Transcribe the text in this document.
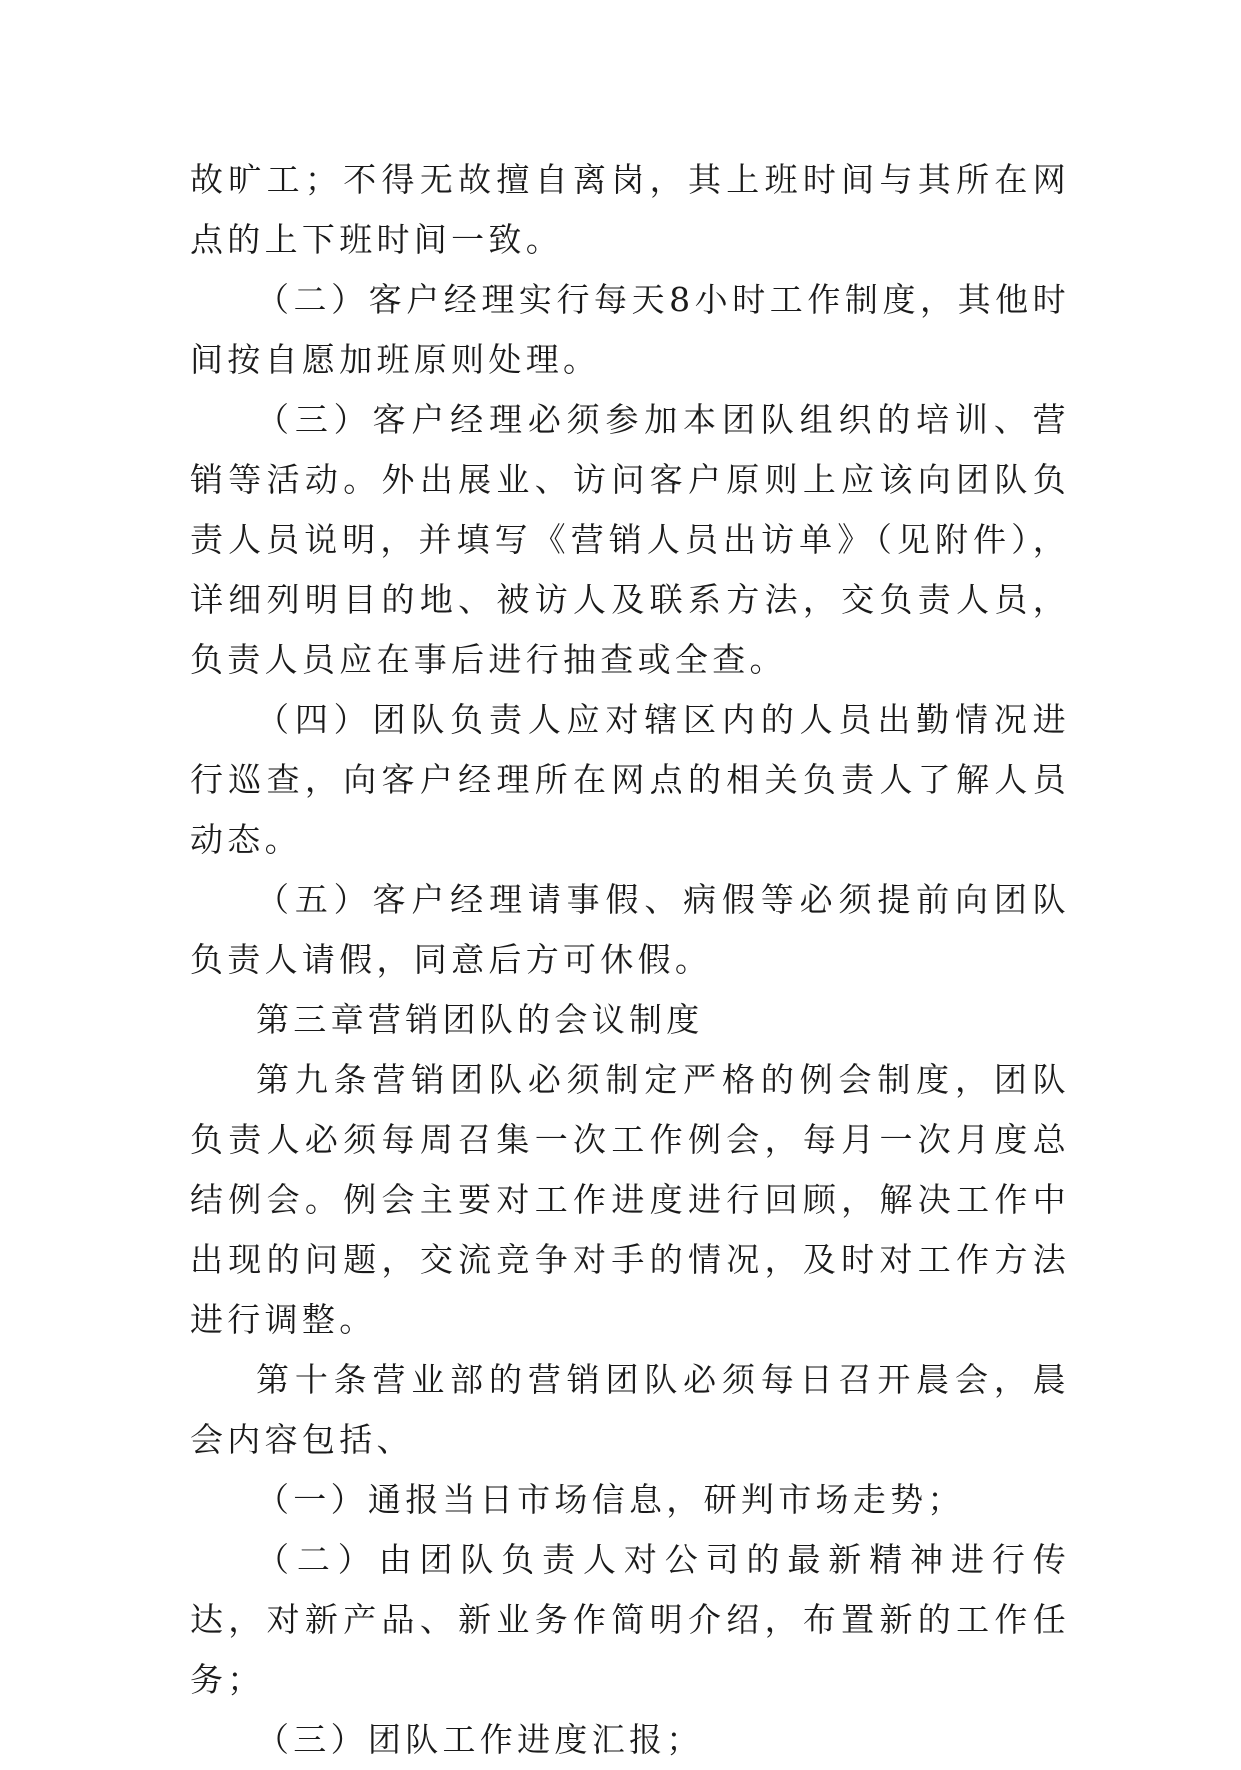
故旷工；不得无故擅自离岗，其上班时间与其所在网点的上下班时间一致。

（二）客户经理实行每天8小时工作制度，其他时间按自愿加班原则处理。

（三）客户经理必须参加本团队组织的培训、营销等活动。外出展业、访问客户原则上应该向团队负责人员说明，并填写《营销人员出访单》（见附件），详细列明目的地、被访人及联系方法，交负责人员，负责人员应在事后进行抽查或全查。

（四）团队负责人应对辖区内的人员出勤情况进行巡查，向客户经理所在网点的相关负责人了解人员动态。

（五）客户经理请事假、病假等必须提前向团队负责人请假，同意后方可休假。

第三章营销团队的会议制度

第九条营销团队必须制定严格的例会制度，团队负责人必须每周召集一次工作例会，每月一次月度总结例会。例会主要对工作进度进行回顾，解决工作中出现的问题，交流竞争对手的情况，及时对工作方法进行调整。

第十条营业部的营销团队必须每日召开晨会，晨会内容包括、

（一）通报当日市场信息，研判市场走势；

（二）由团队负责人对公司的最新精神进行传达，对新产品、新业务作简明介绍，布置新的工作任务；

（三）团队工作进度汇报；
